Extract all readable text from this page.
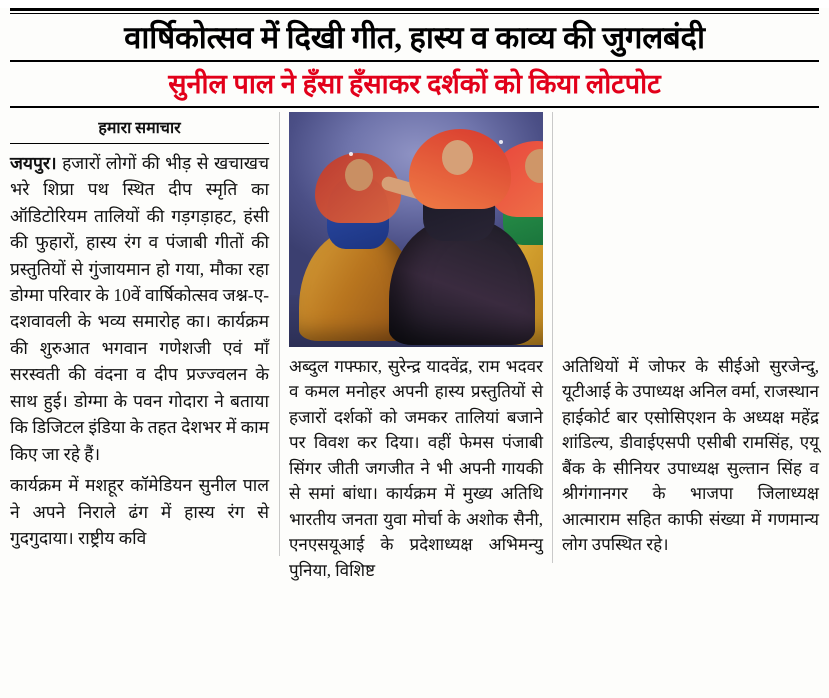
वार्षिकोत्सव में दिखी गीत, हास्य व काव्य की जुगलबंदी
सुनील पाल ने हँसा हँसाकर दर्शकों को किया लोटपोट
हमारा समाचार

जयपुर। हजारों लोगों की भीड़ से खचाखच भरे शिप्रा पथ स्थित दीप स्मृति का ऑडिटोरियम तालियों की गड़गड़ाहट, हंसी की फुहारों, हास्य रंग व पंजाबी गीतों की प्रस्तुतियों से गुंजायमान हो गया, मौका रहा डोग्मा परिवार के 10वें वार्षिकोत्सव जश्न-ए-दशवावली के भव्य समारोह का। कार्यक्रम की शुरुआत भगवान गणेशजी एवं माँ सरस्वती की वंदना व दीप प्रज्ज्वलन के साथ हुई। डोग्मा के पवन गोदारा ने बताया कि डिजिटल इंडिया के तहत देशभर में काम किए जा रहे हैं।

कार्यक्रम में मशहूर कॉमेडियन सुनील पाल ने अपने निराले ढंग में हास्य रंग से गुदगुदाया। राष्ट्रीय कवि

अब्दुल गफ्फार, सुरेन्द्र यादवेंद्र, राम भदवर व कमल मनोहर अपनी हास्य प्रस्तुतियों से हजारों दर्शकों को जमकर तालियां बजाने पर विवश कर दिया। वहीं फेमस पंजाबी सिंगर जीती जगजीत ने भी अपनी गायकी से समां बांधा। कार्यक्रम में मुख्य अतिथि भारतीय जनता युवा मोर्चा के अशोक सैनी, एनएसयूआई के प्रदेशाध्यक्ष अभिमन्यु पुनिया, विशिष्ट

अतिथियों में जोफर के सीईओ सुरजेन्दु, यूटीआई के उपाध्यक्ष अनिल वर्मा, राजस्थान हाईकोर्ट बार एसोसिएशन के अध्यक्ष महेंद्र शांडिल्य, डीवाईएसपी एसीबी रामसिंह, एयू बैंक के सीनियर उपाध्यक्ष सुल्तान सिंह व श्रीगंगानगर के भाजपा जिलाध्यक्ष आत्माराम सहित काफी संख्या में गणमान्य लोग उपस्थित रहे।
